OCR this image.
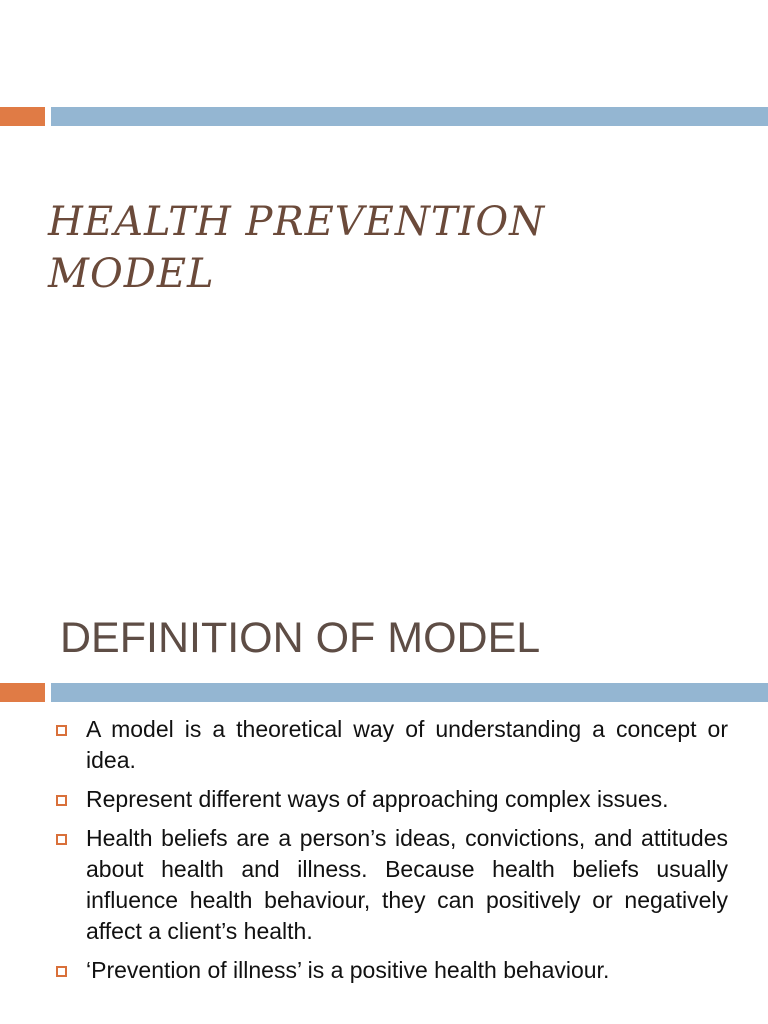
HEALTH PREVENTION MODEL
DEFINITION OF MODEL
A model is a theoretical way of understanding a concept or idea.
Represent different ways of approaching complex issues.
Health beliefs are a person’s ideas, convictions, and attitudes about health and illness. Because health beliefs usually influence health behaviour, they can positively or negatively affect a client’s health.
‘Prevention of illness’ is a positive health behaviour.
